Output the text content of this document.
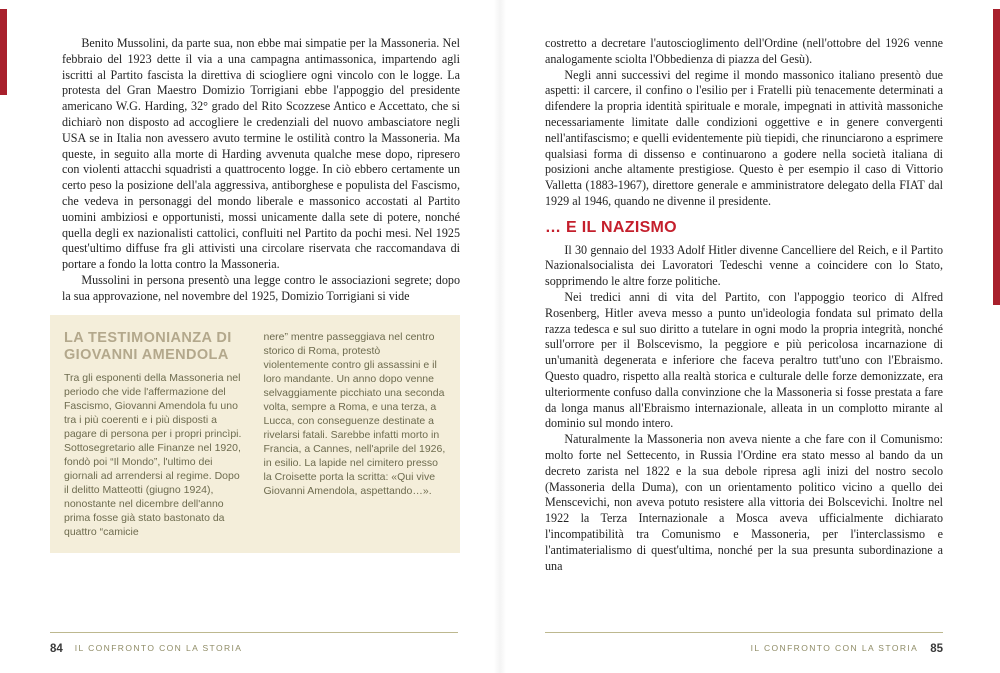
Benito Mussolini, da parte sua, non ebbe mai simpatie per la Massoneria. Nel febbraio del 1923 dette il via a una campagna antimassonica, impartendo agli iscritti al Partito fascista la direttiva di sciogliere ogni vincolo con le logge. La protesta del Gran Maestro Domizio Torrigiani ebbe l'appoggio del presidente americano W.G. Harding, 32° grado del Rito Scozzese Antico e Accettato, che si dichiarò non disposto ad accogliere le credenziali del nuovo ambasciatore negli USA se in Italia non avessero avuto termine le ostilità contro la Massoneria. Ma queste, in seguito alla morte di Harding avvenuta qualche mese dopo, ripresero con violenti attacchi squadristi a quattrocento logge. In ciò ebbero certamente un certo peso la posizione dell'ala aggressiva, antiborghese e populista del Fascismo, che vedeva in personaggi del mondo liberale e massonico accostati al Partito uomini ambiziosi e opportunisti, mossi unicamente dalla sete di potere, nonché quella degli ex nazionalisti cattolici, confluiti nel Partito da pochi mesi. Nel 1925 quest'ultimo diffuse fra gli attivisti una circolare riservata che raccomandava di portare a fondo la lotta contro la Massoneria.

Mussolini in persona presentò una legge contro le associazioni segrete; dopo la sua approvazione, nel novembre del 1925, Domizio Torrigiani si vide

LA TESTIMONIANZA DI GIOVANNI AMENDOLA

Tra gli esponenti della Massoneria nel periodo che vide l'affermazione del Fascismo, Giovanni Amendola fu uno tra i più coerenti e i più disposti a pagare di persona per i propri princìpi. Sottosegretario alle Finanze nel 1920, fondò poi “Il Mondo”, l'ultimo dei giornali ad arrendersi al regime. Dopo il delitto Matteotti (giugno 1924), nonostante nel dicembre dell'anno prima fosse già stato bastonato da quattro “camicie

nere” mentre passeggiava nel centro storico di Roma, protestò violentemente contro gli assassini e il loro mandante. Un anno dopo venne selvaggiamente picchiato una seconda volta, sempre a Roma, e una terza, a Lucca, con conseguenze destinate a rivelarsi fatali. Sarebbe infatti morto in Francia, a Cannes, nell'aprile del 1926, in esilio. La lapide nel cimitero presso la Croisette porta la scritta: «Qui vive Giovanni Amendola, aspettando…».

84 IL CONFRONTO CON LA STORIA

costretto a decretare l'autoscioglimento dell'Ordine (nell'ottobre del 1926 venne analogamente sciolta l'Obbedienza di piazza del Gesù).

Negli anni successivi del regime il mondo massonico italiano presentò due aspetti: il carcere, il confino o l'esilio per i Fratelli più tenacemente determinati a difendere la propria identità spirituale e morale, impegnati in attività massoniche necessariamente limitate dalle condizioni oggettive e in genere convergenti nell'antifascismo; e quelli evidentemente più tiepidi, che rinunciarono a esprimere qualsiasi forma di dissenso e continuarono a godere nella società italiana di posizioni anche altamente prestigiose. Questo è per esempio il caso di Vittorio Valletta (1883-1967), direttore generale e amministratore delegato della FIAT dal 1929 al 1946, quando ne divenne il presidente.

… E IL NAZISMO

Il 30 gennaio del 1933 Adolf Hitler divenne Cancelliere del Reich, e il Partito Nazionalsocialista dei Lavoratori Tedeschi venne a coincidere con lo Stato, sopprimendo le altre forze politiche.

Nei tredici anni di vita del Partito, con l'appoggio teorico di Alfred Rosenberg, Hitler aveva messo a punto un'ideologia fondata sul primato della razza tedesca e sul suo diritto a tutelare in ogni modo la propria integrità, nonché sull'orrore per il Bolscevismo, la peggiore e più pericolosa incarnazione di un'umanità degenerata e inferiore che faceva peraltro tutt'uno con l'Ebraismo. Questo quadro, rispetto alla realtà storica e culturale delle forze demonizzate, era ulteriormente confuso dalla convinzione che la Massoneria si fosse prestata a fare da longa manus all'Ebraismo internazionale, alleata in un complotto mirante al dominio sul mondo intero.

Naturalmente la Massoneria non aveva niente a che fare con il Comunismo: molto forte nel Settecento, in Russia l'Ordine era stato messo al bando da un decreto zarista nel 1822 e la sua debole ripresa agli inizi del nostro secolo (Massoneria della Duma), con un orientamento politico vicino a quello dei Menscevichi, non aveva potuto resistere alla vittoria dei Bolscevichi. Inoltre nel 1922 la Terza Internazionale a Mosca aveva ufficialmente dichiarato l'incompatibilità tra Comunismo e Massoneria, per l'interclassismo e l'antimaterialismo di quest'ultima, nonché per la sua presunta subordinazione a una

IL CONFRONTO CON LA STORIA 85
